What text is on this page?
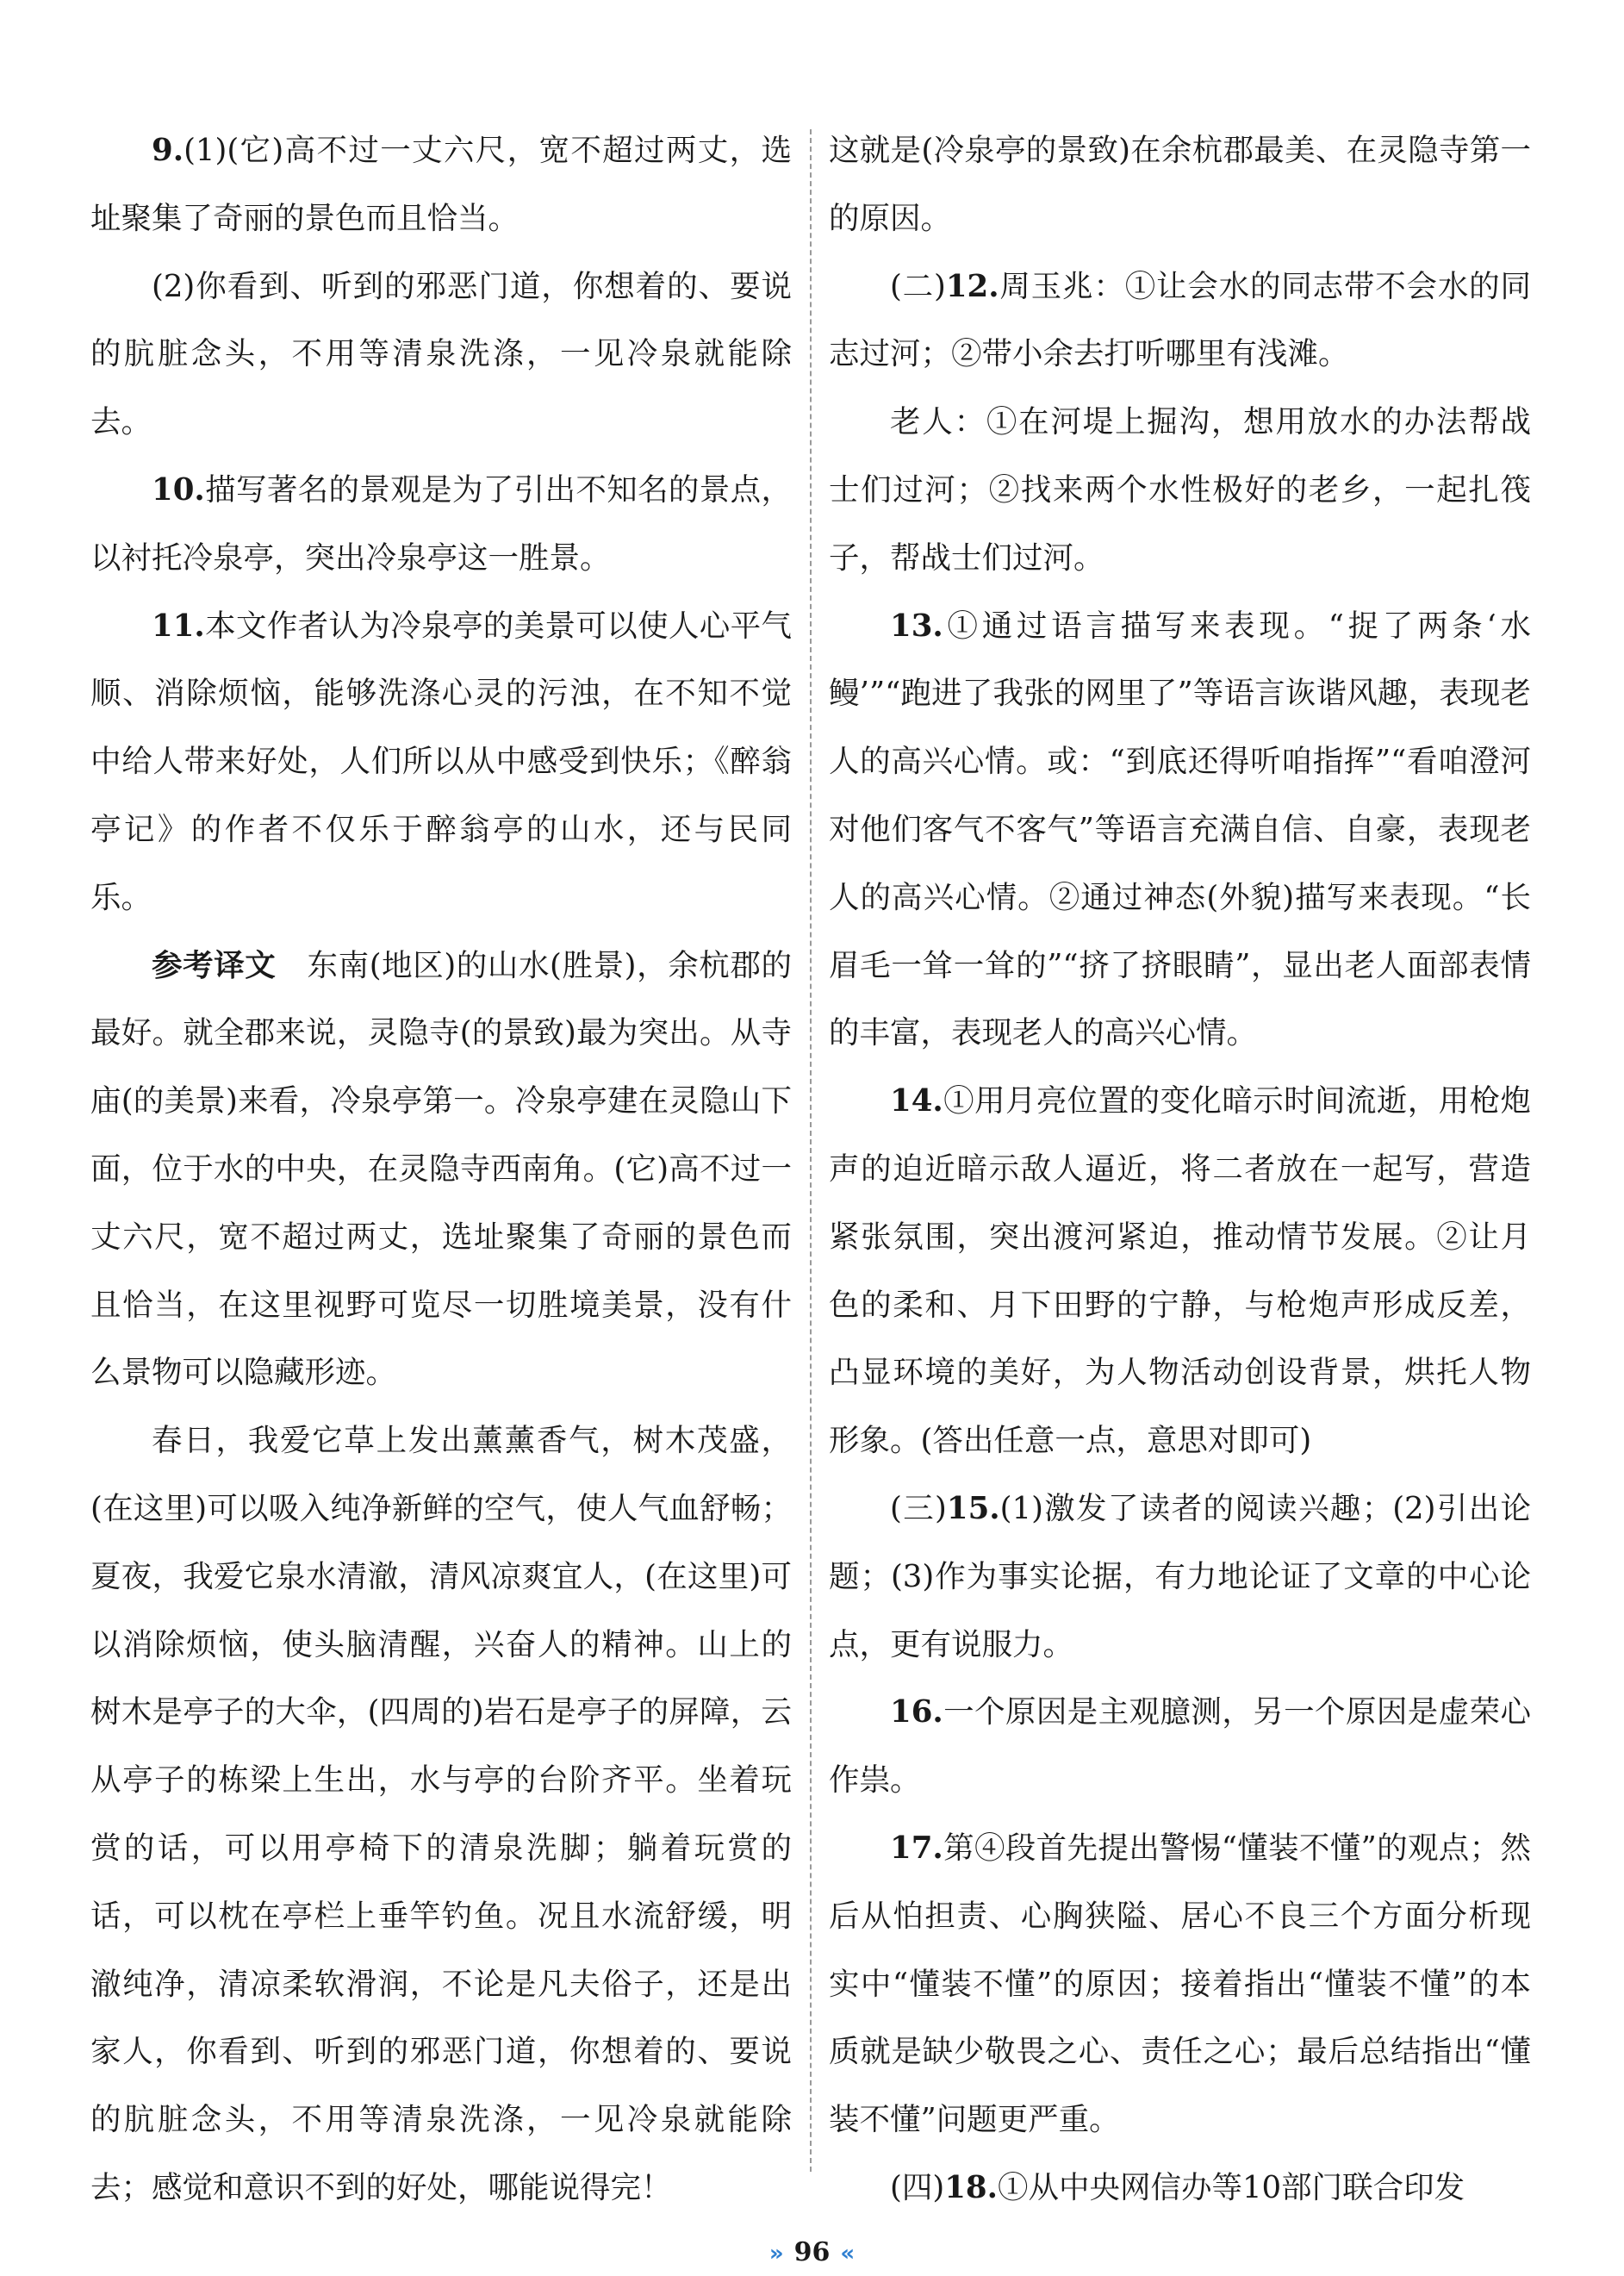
9.(1)(它)高不过一丈六尺，宽不超过两丈，选址聚集了奇丽的景色而且恰当。

(2)你看到、听到的邪恶门道，你想着的、要说的肮脏念头，不用等清泉洗涤，一见冷泉就能除去。

10.描写著名的景观是为了引出不知名的景点，以衬托冷泉亭，突出冷泉亭这一胜景。

11.本文作者认为冷泉亭的美景可以使人心平气顺、消除烦恼，能够洗涤心灵的污浊，在不知不觉中给人带来好处，人们所以从中感受到快乐；《醉翁亭记》的作者不仅乐于醉翁亭的山水，还与民同乐。

参考译文　 东南(地区)的山水(胜景)，余杭郡的最好。就全郡来说，灵隐寺(的景致)最为突出。从寺庙(的美景)来看，冷泉亭第一。冷泉亭建在灵隐山下面，位于水的中央，在灵隐寺西南角。(它)高不过一丈六尺，宽不超过两丈，选址聚集了奇丽的景色而且恰当，在这里视野可览尽一切胜境美景，没有什么景物可以隐藏形迹。

春日，我爱它草上发出薰薰香气，树木茂盛，(在这里)可以吸入纯净新鲜的空气，使人气血舒畅；夏夜，我爱它泉水清澈，清风凉爽宜人，(在这里)可以消除烦恼，使头脑清醒，兴奋人的精神。山上的树木是亭子的大伞，(四周的)岩石是亭子的屏障，云从亭子的栋梁上生出，水与亭的台阶齐平。坐着玩赏的话，可以用亭椅下的清泉洗脚；躺着玩赏的话，可以枕在亭栏上垂竿钓鱼。况且水流舒缓，明澈纯净，清凉柔软滑润，不论是凡夫俗子，还是出家人，你看到、听到的邪恶门道，你想着的、要说的肮脏念头，不用等清泉洗涤，一见冷泉就能除去；感觉和意识不到的好处，哪能说得完！

这就是(冷泉亭的景致)在余杭郡最美、在灵隐寺第一的原因。

(二)12.周玉兆：①让会水的同志带不会水的同志过河；②带小余去打听哪里有浅滩。

老人：①在河堤上掘沟，想用放水的办法帮战士们过河；②找来两个水性极好的老乡，一起扎筏子，帮战士们过河。

13.①通过语言描写来表现。“捉了两条‘水鳗’”“跑进了我张的网里了”等语言诙谐风趣，表现老人的高兴心情。或：“到底还得听咱指挥”“看咱澄河对他们客气不客气”等语言充满自信、自豪，表现老人的高兴心情。②通过神态(外貌)描写来表现。“长眉毛一耸一耸的”“挤了挤眼睛”，显出老人面部表情的丰富，表现老人的高兴心情。

14.①用月亮位置的变化暗示时间流逝，用枪炮声的迫近暗示敌人逼近，将二者放在一起写，营造紧张氛围，突出渡河紧迫，推动情节发展。②让月色的柔和、月下田野的宁静，与枪炮声形成反差，凸显环境的美好，为人物活动创设背景，烘托人物形象。(答出任意一点，意思对即可)

(三)15.(1)激发了读者的阅读兴趣；(2)引出论题；(3)作为事实论据，有力地论证了文章的中心论点，更有说服力。

16.一个原因是主观臆测，另一个原因是虚荣心作祟。

17.第④段首先提出警惕“懂装不懂”的观点；然后从怕担责、心胸狭隘、居心不良三个方面分析现实中“懂装不懂”的原因；接着指出“懂装不懂”的本质就是缺少敬畏之心、责任之心；最后总结指出“懂装不懂”问题更严重。

(四)18.①从中央网信办等10部门联合印发

» 96 «
